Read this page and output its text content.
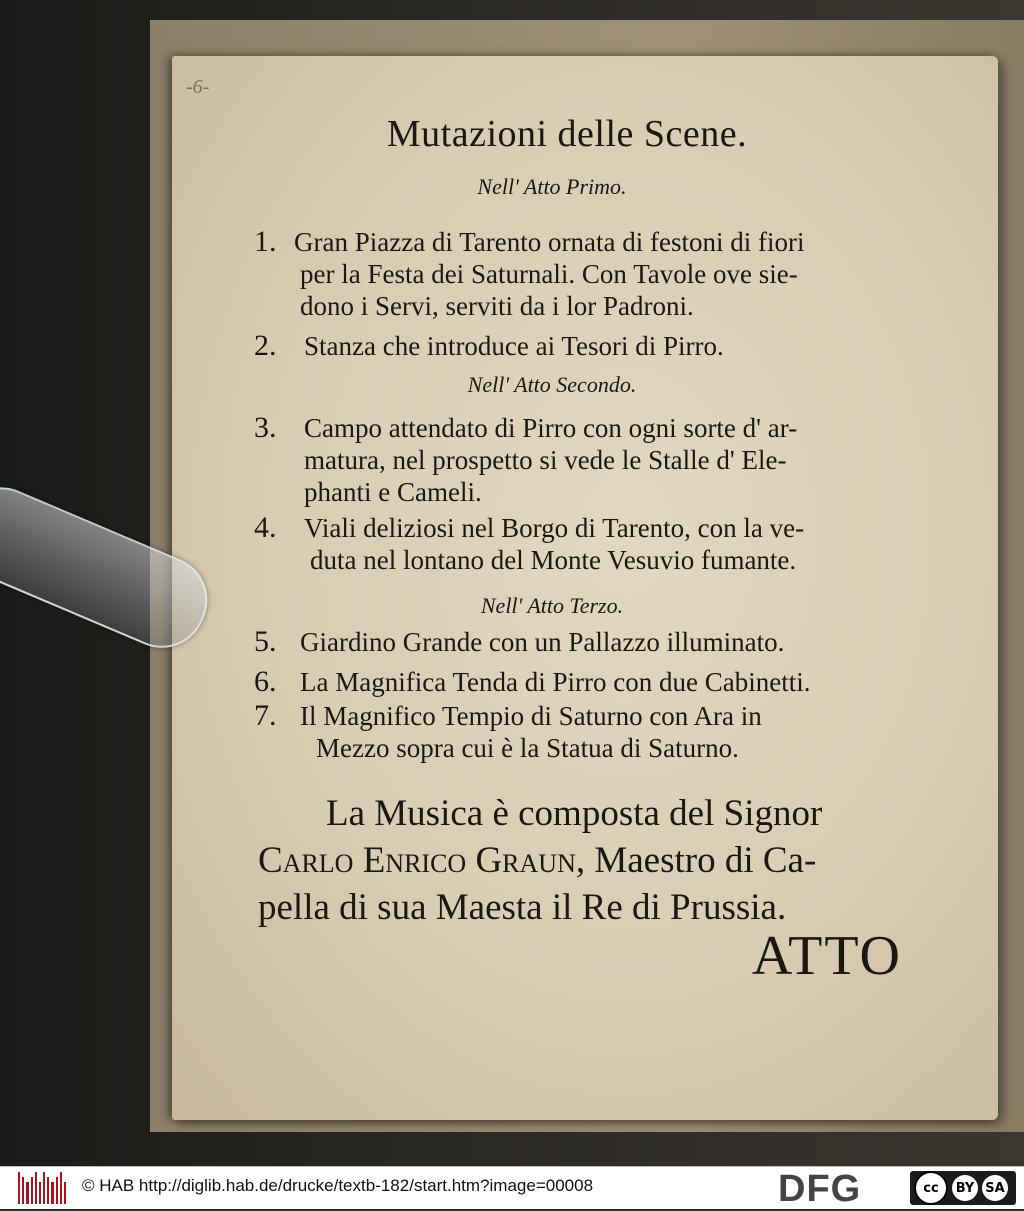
-6-
Mutazioni delle Scene.
Nell' Atto Primo.
1. Gran Piazza di Tarento ornata di festoni di fiori
per la Festa dei Saturnali. Con Tavole ove sie-
dono i Servi, serviti da i lor Padroni.
2. Stanza che introduce ai Tesori di Pirro.
Nell' Atto Secondo.
3. Campo attendato di Pirro con ogni sorte d' ar-
matura, nel prospetto si vede le Stalle d' Ele-
phanti e Cameli.
4. Viali deliziosi nel Borgo di Tarento, con la ve-
duta nel lontano del Monte Vesuvio fumante.
Nell' Atto Terzo.
5. Giardino Grande con un Pallazzo illuminato.
6. La Magnifica Tenda di Pirro con due Cabinetti.
7. Il Magnifico Tempio di Saturno con Ara in
Mezzo sopra cui è la Statua di Saturno.
La Musica è composta del Signor
Carlo Enrico Graun, Maestro di Ca-
pella di sua Maesta il Re di Prussia.
ATTO
© HAB http://diglib.hab.de/drucke/textb-182/start.htm?image=00008	DFG	cc	BY SA
